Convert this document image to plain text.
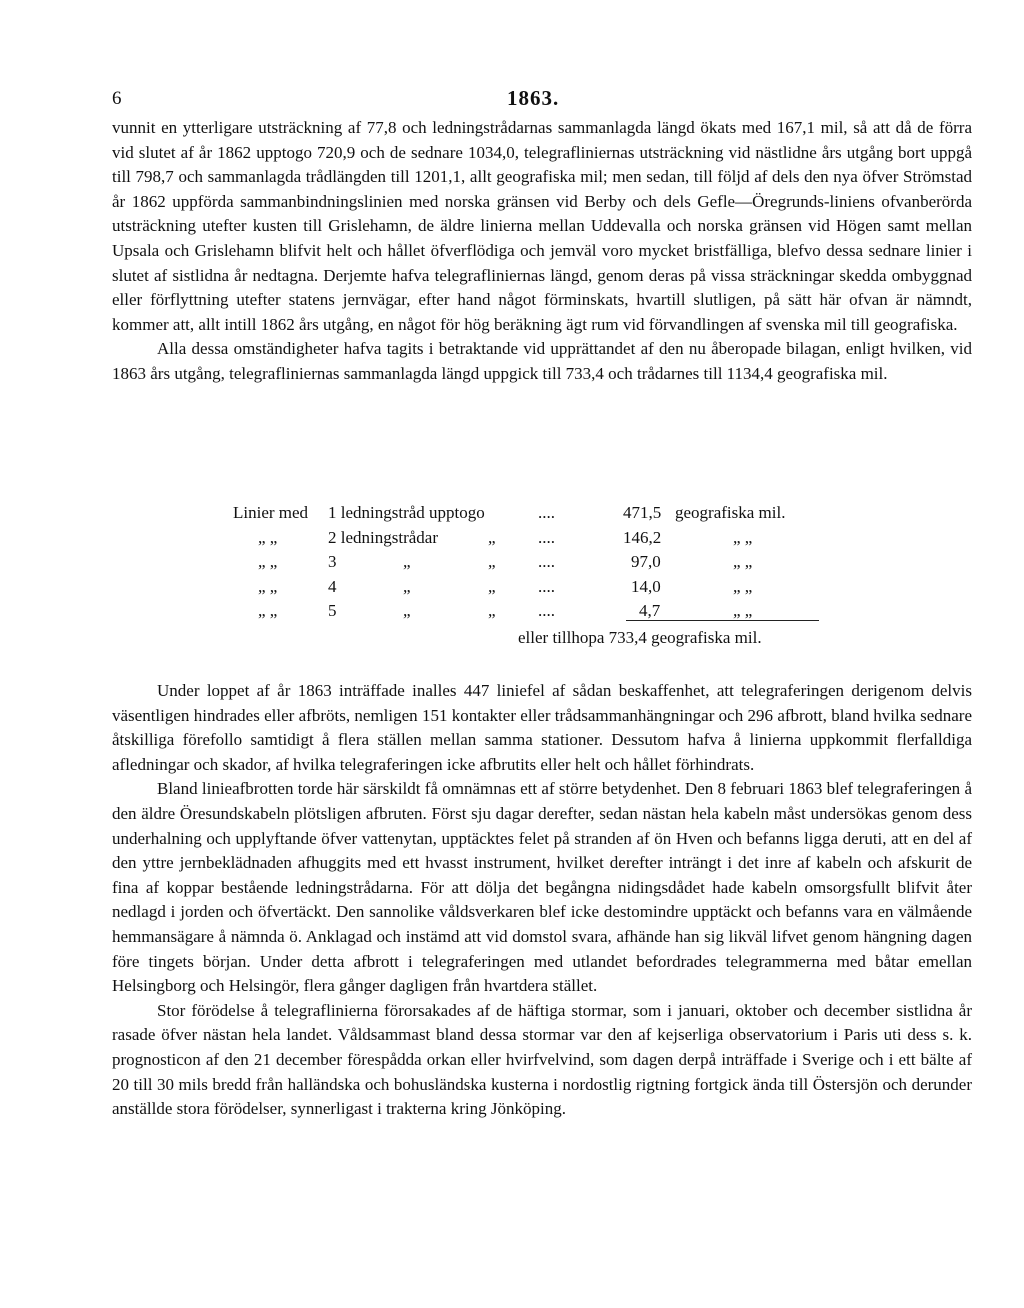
6	1863.

vunnit en ytterligare utsträckning af 77,8 och ledningstrådarnas sammanlagda längd ökats med 167,1 mil, så att då de förra vid slutet af år 1862 upptogo 720,9 och de sednare 1034,0, telegrafliniernas utsträckning vid nästlidne års utgång bort uppgå till 798,7 och sammanlagda trådlängden till 1201,1, allt geografiska mil; men sedan, till följd af dels den nya öfver Strömstad år 1862 uppförda sammanbindningslinien med norska gränsen vid Berby och dels Gefle—Öregrunds-liniens ofvanberörda utsträckning utefter kusten till Grislehamn, de äldre linierna mellan Uddevalla och norska gränsen vid Högen samt mellan Upsala och Grislehamn blifvit helt och hållet öfverflödiga och jemväl voro mycket bristfälliga, blefvo dessa sednare linier i slutet af sistlidna år nedtagna. Derjemte hafva telegrafliniernas längd, genom deras på vissa sträckningar skedda ombyggnad eller förflyttning utefter statens jernvägar, efter hand något förminskats, hvartill slutligen, på sätt här ofvan är nämndt, kommer att, allt intill 1862 års utgång, en något för hög beräkning ägt rum vid förvandlingen af svenska mil till geografiska.

Alla dessa omständigheter hafva tagits i betraktande vid upprättandet af den nu åberopade bilagan, enligt hvilken, vid 1863 års utgång, telegrafliniernas sammanlagda längd uppgick till 733,4 och trådarnes till 1134,4 geografiska mil.

Linier med 1 ledningstråd upptogo	....	471,5 geografiska mil.
„ „	2 ledningstrådar	„ ....	146,2	„ „
„ „	3	„	„ ....	97,0	„ „
„ „	4	„	„ ....	14,0	„ „
„ „	5	„	„ ....	4,7	„ „
eller tillhopa 733,4 geografiska mil.

Under loppet af år 1863 inträffade inalles 447 liniefel af sådan beskaffenhet, att telegraferingen derigenom delvis väsentligen hindrades eller afbröts, nemligen 151 kontakter eller trådsammanhängningar och 296 afbrott, bland hvilka sednare åtskilliga förefollo samtidigt å flera ställen mellan samma stationer. Dessutom hafva å linierna uppkommit flerfalldiga afledningar och skador, af hvilka telegraferingen icke afbrutits eller helt och hållet förhindrats.

Bland linieafbrotten torde här särskildt få omnämnas ett af större betydenhet. Den 8 februari 1863 blef telegraferingen å den äldre Öresundskabeln plötsligen afbruten. Först sju dagar derefter, sedan nästan hela kabeln måst undersökas genom dess underhalning och upplyftande öfver vattenytan, upptäcktes felet på stranden af ön Hven och befanns ligga deruti, att en del af den yttre jernbeklädnaden afhuggits med ett hvasst instrument, hvilket derefter inträngt i det inre af kabeln och afskurit de fina af koppar bestående ledningstrådarna. För att dölja det begångna nidingsdådet hade kabeln omsorgsfullt blifvit åter nedlagd i jorden och öfvertäckt. Den sannolike våldsverkaren blef icke destomindre upptäckt och befanns vara en välmående hemmansägare å nämnda ö. Anklagad och instämd att vid domstol svara, afhände han sig likväl lifvet genom hängning dagen före tingets början. Under detta afbrott i telegraferingen med utlandet befordrades telegrammerna med båtar emellan Helsingborg och Helsingör, flera gånger dagligen från hvartdera stället.

Stor förödelse å telegraflinierna förorsakades af de häftiga stormar, som i januari, oktober och december sistlidna år rasade öfver nästan hela landet. Våldsammast bland dessa stormar var den af kejserliga observatorium i Paris uti dess s. k. prognosticon af den 21 december förespådda orkan eller hvirfvelvind, som dagen derpå inträffade i Sverige och i ett bälte af 20 till 30 mils bredd från halländska och bohusländska kusterna i nordostlig rigtning fortgick ända till Östersjön och derunder anställde stora förödelser, synnerligast i trakterna kring Jönköping.
